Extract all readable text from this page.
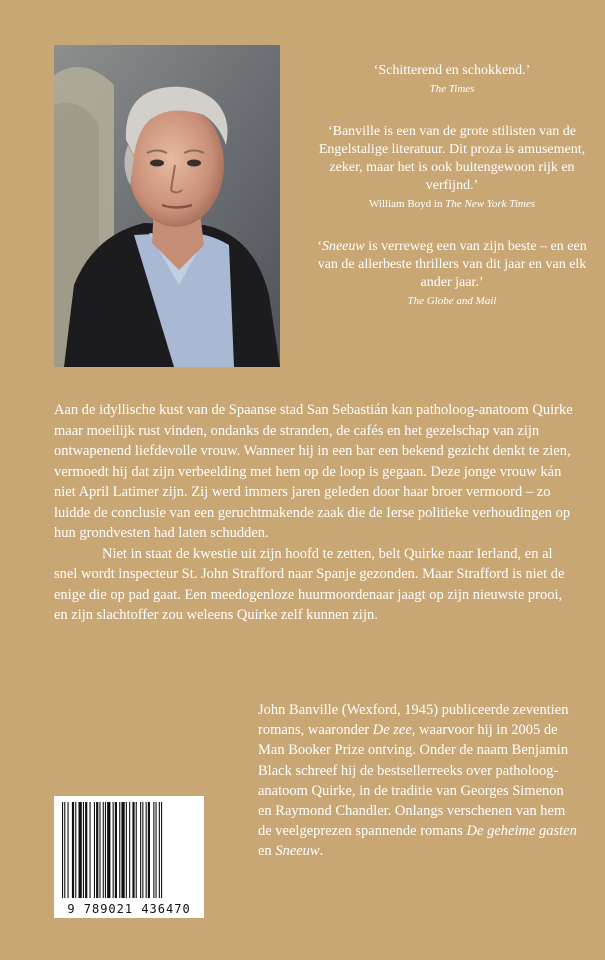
‘Schitterend en schokkend.’
The Times
‘Banville is een van de grote stilisten van de Engelstalige literatuur. Dit proza is amusement, zeker, maar het is ook buitengewoon rijk en verfijnd.’
William Boyd in The New York Times
‘Sneeuw is verreweg een van zijn beste – en een van de allerbeste thrillers van dit jaar en van elk ander jaar.’
The Globe and Mail

Aan de idyllische kust van de Spaanse stad San Sebastián kan patholoog-anatoom Quirke maar moeilijk rust vinden, ondanks de stranden, de cafés en het gezelschap van zijn ontwapenend liefdevolle vrouw. Wanneer hij in een bar een bekend gezicht denkt te zien, vermoedt hij dat zijn verbeelding met hem op de loop is gegaan. Deze jonge vrouw kán niet April Latimer zijn. Zij werd immers jaren geleden door haar broer vermoord – zo luidde de conclusie van een geruchtmakende zaak die de Ierse politieke verhoudingen op hun grondvesten had laten schudden.

Niet in staat de kwestie uit zijn hoofd te zetten, belt Quirke naar Ierland, en al snel wordt inspecteur St. John Strafford naar Spanje gezonden. Maar Strafford is niet de enige die op pad gaat. Een meedogenloze huurmoordenaar jaagt op zijn nieuwste prooi, en zijn slachtoffer zou weleens Quirke zelf kunnen zijn.

John Banville (Wexford, 1945) publiceerde zeventien romans, waaronder De zee, waarvoor hij in 2005 de Man Booker Prize ontving. Onder de naam Benjamin Black schreef hij de bestsellerreeks over patholoog-anatoom Quirke, in de traditie van Georges Simenon en Raymond Chandler. Onlangs verschenen van hem de veelgeprezen spannende romans De geheime gasten en Sneeuw.

9 789021 436470
